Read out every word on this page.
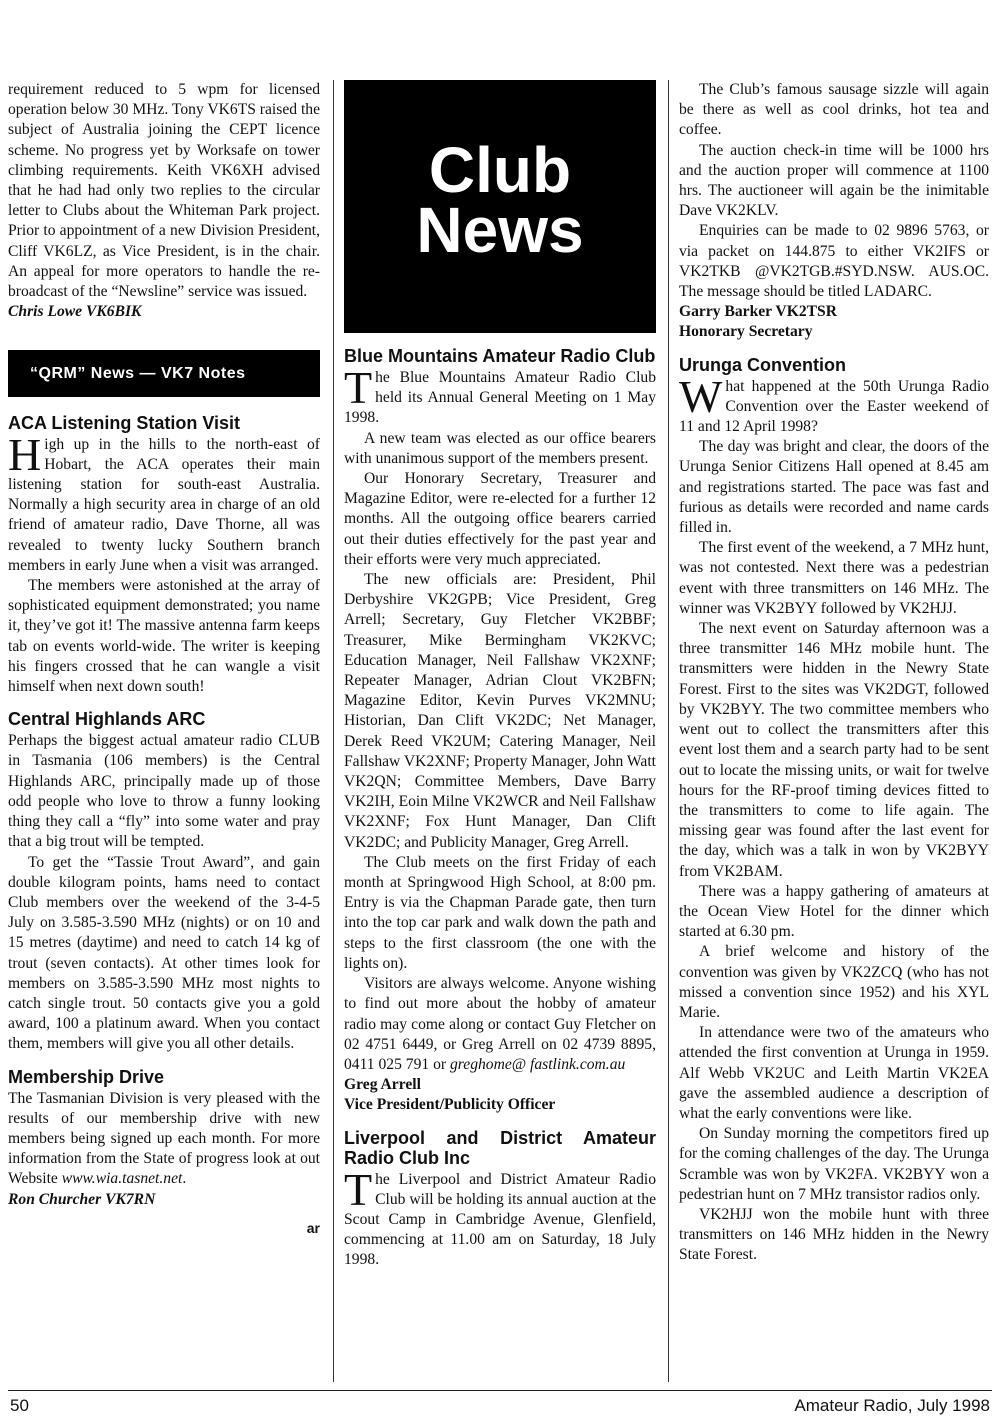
Club
News

requirement reduced to 5 wpm for licensed operation below 30 MHz. Tony VK6TS raised the subject of Australia joining the CEPT licence scheme. No progress yet by Worksafe on tower climbing requirements. Keith VK6XH advised that he had had only two replies to the circular letter to Clubs about the Whiteman Park project. Prior to appointment of a new Division President, Cliff VK6LZ, as Vice President, is in the chair. An appeal for more operators to handle the re-broadcast of the “Newsline” service was issued.

Chris Lowe VK6BIK

“QRM” News — VK7 Notes
ACA Listening Station Visit

High up in the hills to the north-east of Hobart, the ACA operates their main listening station for south-east Australia. Normally a high security area in charge of an old friend of amateur radio, Dave Thorne, all was revealed to twenty lucky Southern branch members in early June when a visit was arranged.

The members were astonished at the array of sophisticated equipment demonstrated; you name it, they’ve got it! The massive antenna farm keeps tab on events world-wide. The writer is keeping his fingers crossed that he can wangle a visit himself when next down south!

Central Highlands ARC

Perhaps the biggest actual amateur radio CLUB in Tasmania (106 members) is the Central Highlands ARC, principally made up of those odd people who love to throw a funny looking thing they call a “fly” into some water and pray that a big trout will be tempted.

To get the “Tassie Trout Award”, and gain double kilogram points, hams need to contact Club members over the weekend of the 3-4-5 July on 3.585-3.590 MHz (nights) or on 10 and 15 metres (daytime) and need to catch 14 kg of trout (seven contacts). At other times look for members on 3.585-3.590 MHz most nights to catch single trout. 50 contacts give you a gold award, 100 a platinum award. When you contact them, members will give you all other details.

Membership Drive

The Tasmanian Division is very pleased with the results of our membership drive with new members being signed up each month. For more information from the State of progress look at out Website www.wia.tasnet.net.

Ron Churcher VK7RN

ar
Blue Mountains Amateur Radio Club

The Blue Mountains Amateur Radio Club held its Annual General Meeting on 1 May 1998.

A new team was elected as our office bearers with unanimous support of the members present.

Our Honorary Secretary, Treasurer and Magazine Editor, were re-elected for a further 12 months. All the outgoing office bearers carried out their duties effectively for the past year and their efforts were very much appreciated.

The new officials are: President, Phil Derbyshire VK2GPB; Vice President, Greg Arrell; Secretary, Guy Fletcher VK2BBF; Treasurer, Mike Bermingham VK2KVC; Education Manager, Neil Fallshaw VK2XNF; Repeater Manager, Adrian Clout VK2BFN; Magazine Editor, Kevin Purves VK2MNU; Historian, Dan Clift VK2DC; Net Manager, Derek Reed VK2UM; Catering Manager, Neil Fallshaw VK2XNF; Property Manager, John Watt VK2QN; Committee Members, Dave Barry VK2IH, Eoin Milne VK2WCR and Neil Fallshaw VK2XNF; Fox Hunt Manager, Dan Clift VK2DC; and Publicity Manager, Greg Arrell.

The Club meets on the first Friday of each month at Springwood High School, at 8:00 pm. Entry is via the Chapman Parade gate, then turn into the top car park and walk down the path and steps to the first classroom (the one with the lights on).

Visitors are always welcome. Anyone wishing to find out more about the hobby of amateur radio may come along or contact Guy Fletcher on 02 4751 6449, or Greg Arrell on 02 4739 8895, 0411 025 791 or greghome@ fastlink.com.au

Greg Arrell

Vice President/Publicity Officer

Liverpool and District Amateur Radio Club Inc

The Liverpool and District Amateur Radio Club will be holding its annual auction at the Scout Camp in Cambridge Avenue, Glenfield, commencing at 11.00 am on Saturday, 18 July 1998.

The Club’s famous sausage sizzle will again be there as well as cool drinks, hot tea and coffee.

The auction check-in time will be 1000 hrs and the auction proper will commence at 1100 hrs. The auctioneer will again be the inimitable Dave VK2KLV.

Enquiries can be made to 02 9896 5763, or via packet on 144.875 to either VK2IFS or VK2TKB @VK2TGB.#SYD.NSW. AUS.OC. The message should be titled LADARC.

Garry Barker VK2TSR

Honorary Secretary

Urunga Convention

What happened at the 50th Urunga Radio Convention over the Easter weekend of 11 and 12 April 1998?

The day was bright and clear, the doors of the Urunga Senior Citizens Hall opened at 8.45 am and registrations started. The pace was fast and furious as details were recorded and name cards filled in.

The first event of the weekend, a 7 MHz hunt, was not contested. Next there was a pedestrian event with three transmitters on 146 MHz. The winner was VK2BYY followed by VK2HJJ.

The next event on Saturday afternoon was a three transmitter 146 MHz mobile hunt. The transmitters were hidden in the Newry State Forest. First to the sites was VK2DGT, followed by VK2BYY. The two committee members who went out to collect the transmitters after this event lost them and a search party had to be sent out to locate the missing units, or wait for twelve hours for the RF-proof timing devices fitted to the transmitters to come to life again. The missing gear was found after the last event for the day, which was a talk in won by VK2BYY from VK2BAM.

There was a happy gathering of amateurs at the Ocean View Hotel for the dinner which started at 6.30 pm.

A brief welcome and history of the convention was given by VK2ZCQ (who has not missed a convention since 1952) and his XYL Marie.

In attendance were two of the amateurs who attended the first convention at Urunga in 1959. Alf Webb VK2UC and Leith Martin VK2EA gave the assembled audience a description of what the early conventions were like.

On Sunday morning the competitors fired up for the coming challenges of the day. The Urunga Scramble was won by VK2FA. VK2BYY won a pedestrian hunt on 7 MHz transistor radios only.

VK2HJJ won the mobile hunt with three transmitters on 146 MHz hidden in the Newry State Forest.

50	Amateur Radio, July 1998
